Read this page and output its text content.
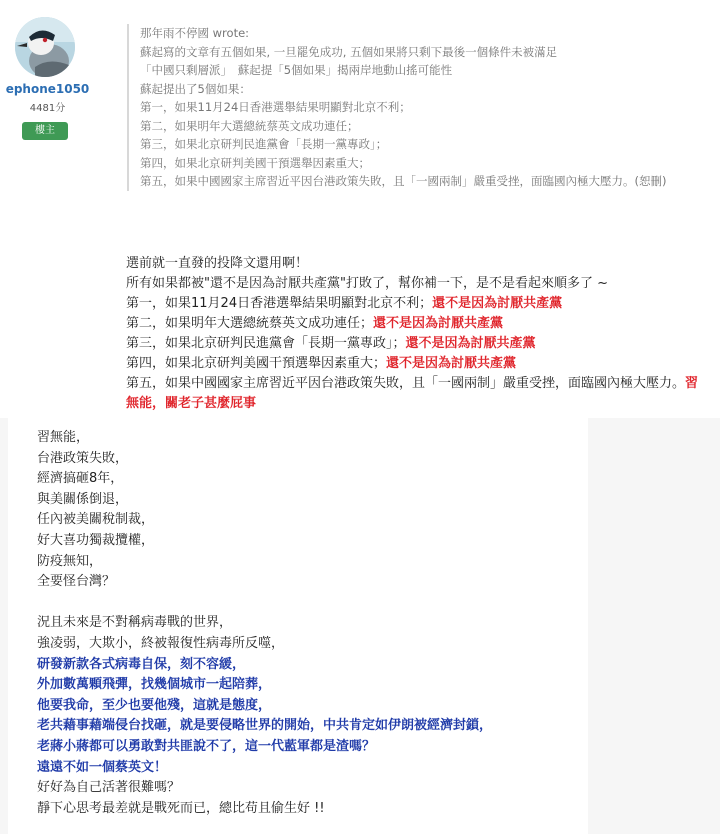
ephone1050
4481分
樓主
那年雨不停國 wrote:
蘇起寫的文章有五個如果, 一旦罷免成功, 五個如果將只剩下最後一個條件未被滿足
「中國只剩層派」　蘇起提「5個如果」揭兩岸地動山搖可能性
蘇起提出了5個如果：
第一，如果11月24日香港選舉結果明顯對北京不利；
第二，如果明年大選總統蔡英文成功連任；
第三，如果北京研判民進黨會「長期一黨專政」；
第四，如果北京研判美國干預選舉因素重大；
第五，如果中國國家主席習近平因台港政策失敗，且「一國兩制」嚴重受挫，面臨國內極大壓力。(恕刪)
選前就一直發的投降文還用啊！
所有如果都被"還不是因為討厭共產黨"打敗了，幫你補一下，是不是看起來順多了 ~
第一，如果11月24日香港選舉結果明顯對北京不利；還不是因為討厭共產黨
第二，如果明年大選總統蔡英文成功連任；還不是因為討厭共產黨
第三，如果北京研判民進黨會「長期一黨專政」；還不是因為討厭共產黨
第四，如果北京研判美國干預選舉因素重大；還不是因為討厭共產黨
第五，如果中國國家主席習近平因台港政策失敗，且「一國兩制」嚴重受挫，面臨國內極大壓力。習無能，關老子甚麼屁事
習無能，
台港政策失敗，
經濟搞砸8年，
與美關係倒退，
任內被美關稅制裁，
好大喜功獨裁攬權，
防疫無知，
全要怪台灣？
況且未來是不對稱病毒戰的世界，
強凌弱，大欺小，終被報復性病毒所反噬，
研發新款各式病毒自保，刻不容緩，
外加數萬顆飛彈，找幾個城市一起陪葬，
他要我命，至少也要他殘，這就是態度，
老共藉事藉端侵台找砸，就是要侵略世界的開始，中共肯定如伊朗被經濟封鎖，
老蔣小蔣都可以勇敢對共匪說不了，這一代藍軍都是渣嗎？
遠遠不如一個蔡英文！
好好為自己活著很難嗎？
靜下心思考最差就是戰死而已，總比苟且偷生好 !!
